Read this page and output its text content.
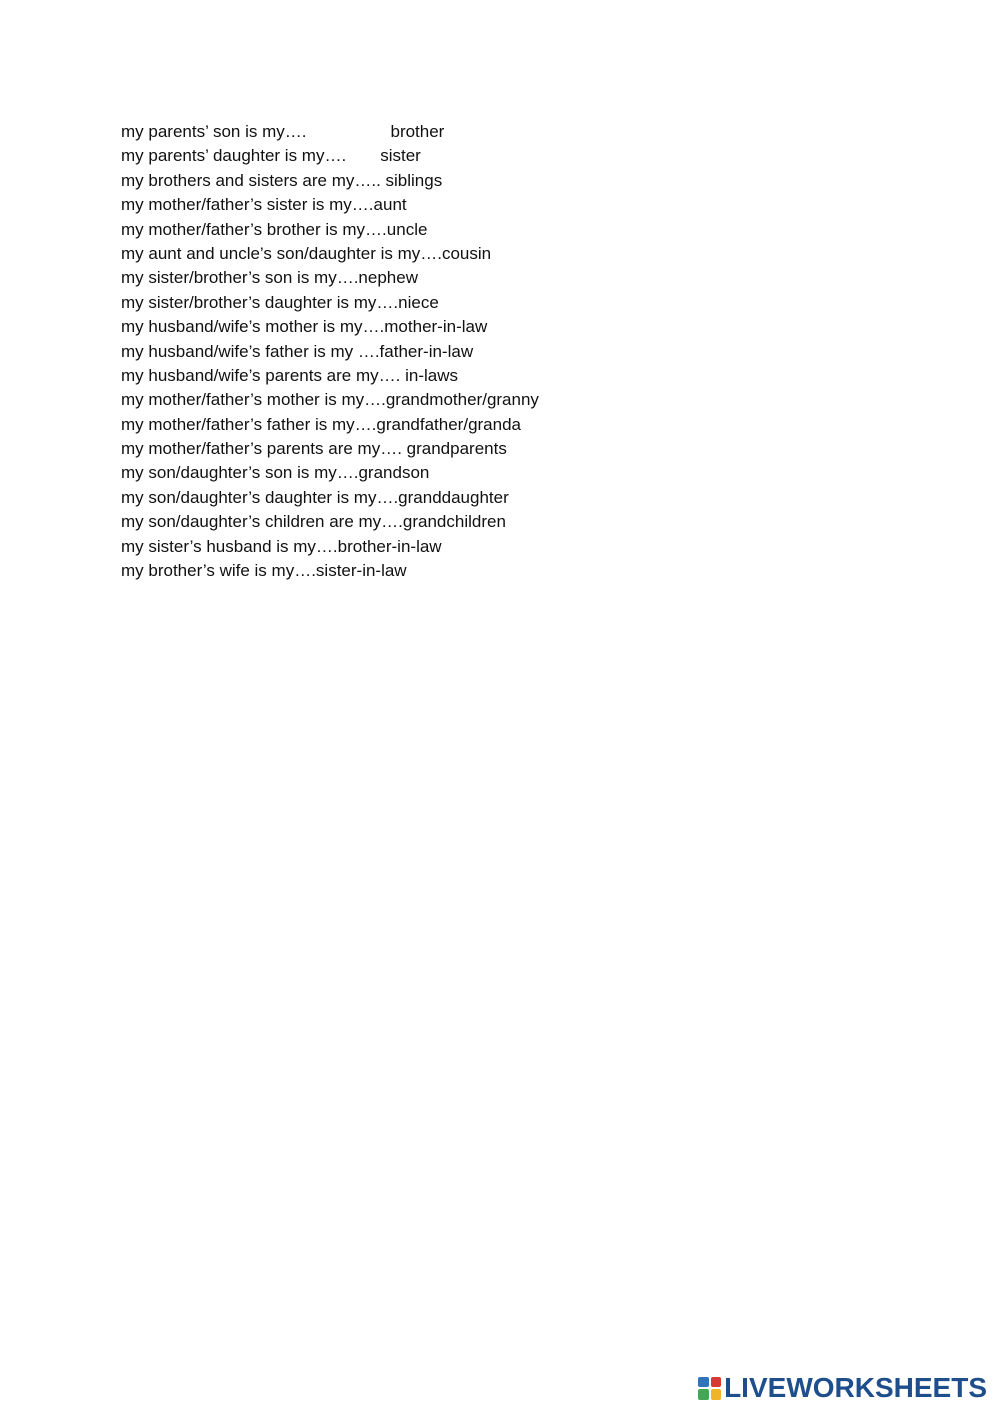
my parents’ son is my….	brother
my parents’ daughter is my…. sister
my brothers and sisters are my….. siblings
my mother/father’s sister is my….aunt
my mother/father’s brother is my….uncle
my aunt and uncle’s son/daughter is my….cousin
my sister/brother’s son is my….nephew
my sister/brother’s daughter is my….niece
my husband/wife’s mother is my….mother-in-law
my husband/wife’s father is my ….father-in-law
my husband/wife’s parents are my…. in-laws
my mother/father’s mother is my….grandmother/granny
my mother/father’s father is my….grandfather/granda
my mother/father’s parents are my…. grandparents
my son/daughter’s son is my….grandson
my son/daughter’s daughter is my….granddaughter
my son/daughter’s children are my….grandchildren
my sister’s husband is my….brother-in-law
my brother’s wife is my….sister-in-law
LIVEWORKSHEETS
